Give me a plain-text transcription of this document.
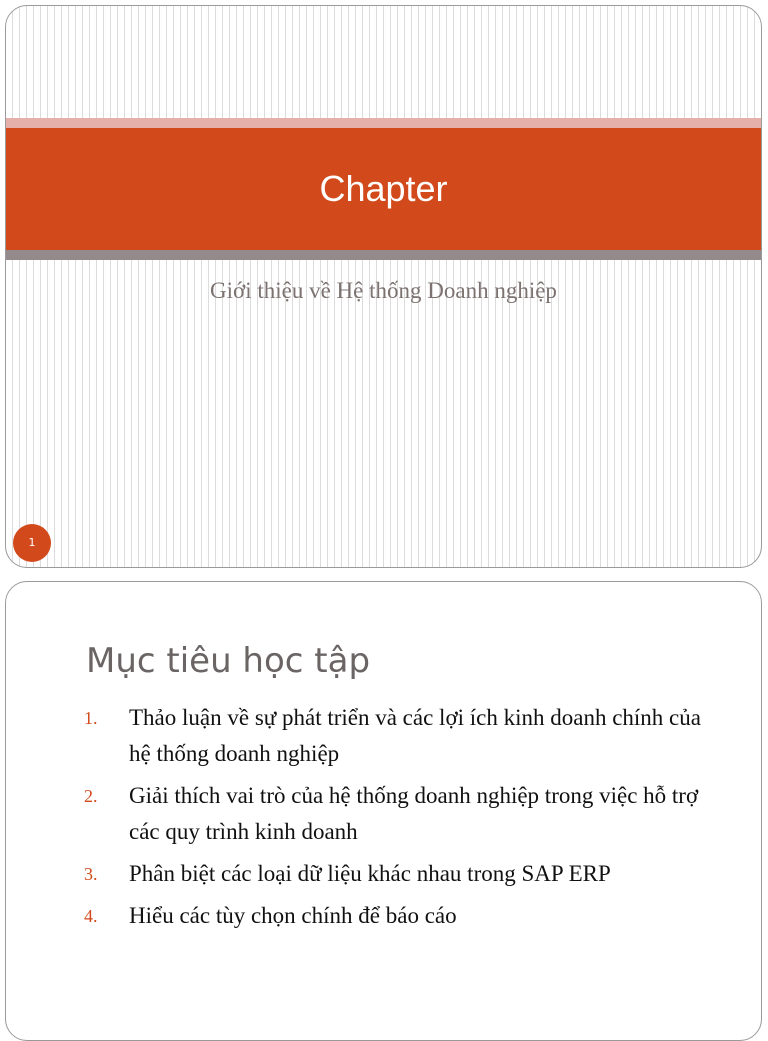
Chapter
Giới thiệu về Hệ thống Doanh nghiệp
1
Mục tiêu học tập
1. Thảo luận về sự phát triển và các lợi ích kinh doanh chính của hệ thống doanh nghiệp
2. Giải thích vai trò của hệ thống doanh nghiệp trong việc hỗ trợ các quy trình kinh doanh
3. Phân biệt các loại dữ liệu khác nhau trong SAP ERP
4. Hiểu các tùy chọn chính để báo cáo
